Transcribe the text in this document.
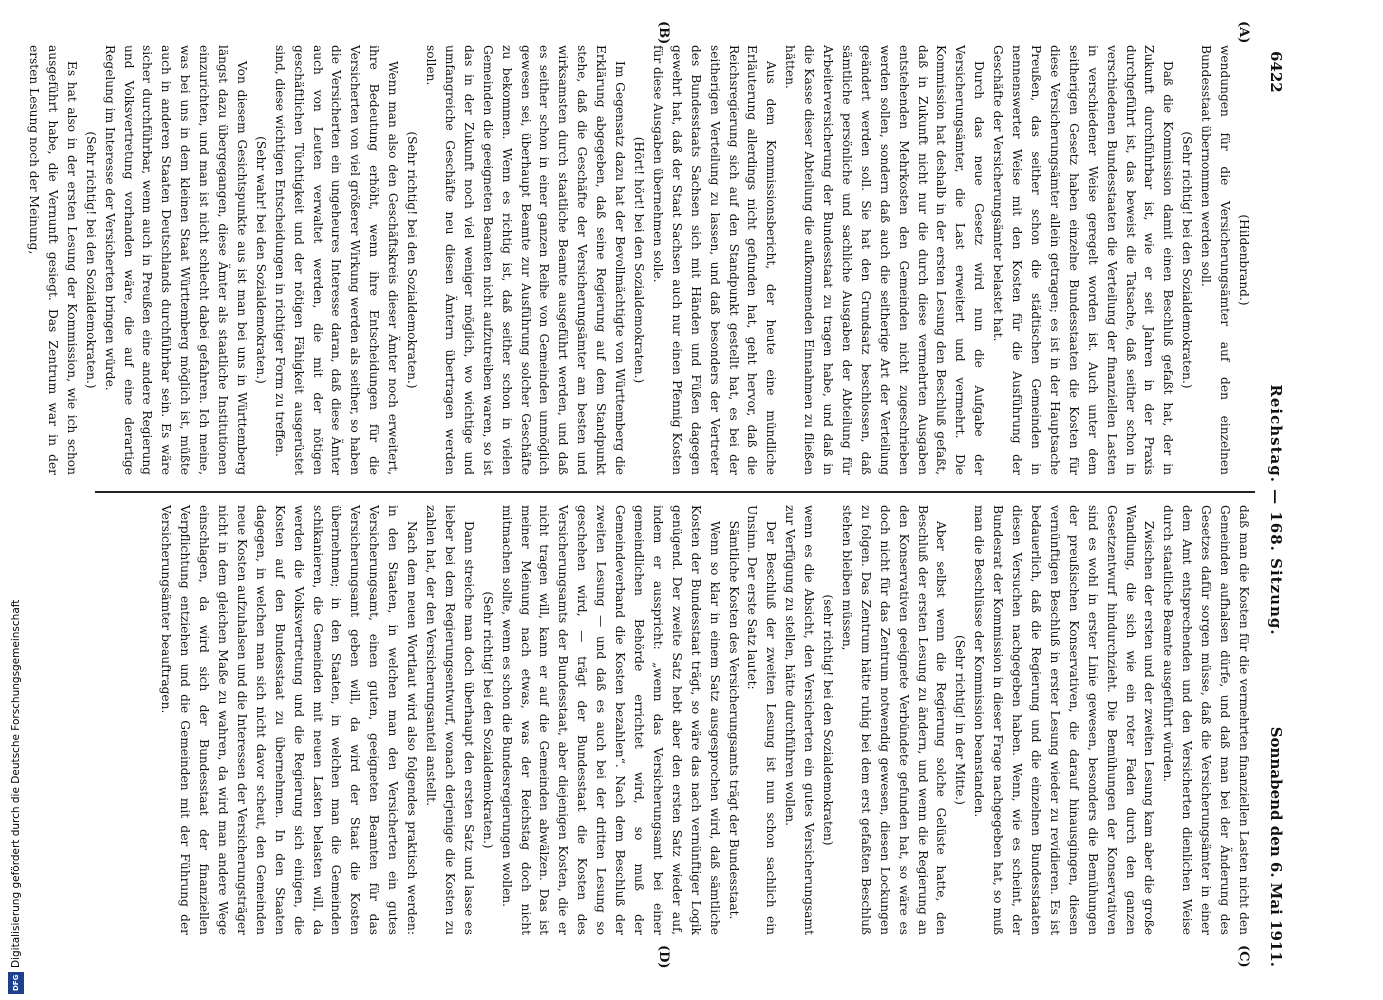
6422
Reichstag. — 168. Sitzung.
Sonnabend den 6. Mai 1911.
(A)
(B)
(C)
(D)

(Hildenbrand.)

wendungen für die Versicherungsämter auf den einzelnen Bundesstaat übernommen werden soll.

(Sehr richtig! bei den Sozialdemokraten.)

Daß die Kommission damit einen Beschluß gefaßt hat, der in Zukunft durchführbar ist, wie er seit Jahren in der Praxis durchgeführt ist, das beweist die Tatsache, daß seither schon in verschiedenen Bundesstaaten die Verteilung der finanziellen Lasten in verschiedener Weise geregelt worden ist. Auch unter dem seitherigen Gesetz haben einzelne Bundesstaaten die Kosten für diese Versicherungsämter allein getragen; es ist in der Hauptsache Preußen, das seither schon die städtischen Gemeinden in nennenswerter Weise mit den Kosten für die Ausführung der Geschäfte der Versicherungsämter belastet hat.

Durch das neue Gesetz wird nun die Aufgabe der Versicherungsämter, die Last erweitert und vermehrt. Die Kommission hat deshalb in der ersten Lesung den Beschluß gefaßt, daß in Zukunft nicht nur die durch diese vermehrten Ausgaben entstehenden Mehrkosten den Gemeinden nicht zugeschrieben werden sollen, sondern daß auch die seitherige Art der Verteilung geändert werden soll. Sie hat den Grundsatz beschlossen, daß sämtliche persönliche und sachliche Ausgaben der Abteilung für Arbeiterversicherung der Bundesstaat zu tragen habe, und daß in die Kasse dieser Abteilung die aufkommenden Einnahmen zu fließen hätten.

Aus dem Kommissionsbericht, der heute eine mündliche Erläuterung allerdings nicht gefunden hat, geht hervor, daß die Reichsregierung sich auf den Standpunkt gestellt hat, es bei der seitherigen Verteilung zu lassen, und daß besonders der Vertreter des Bundesstaats Sachsen sich mit Händen und Füßen dagegen gewehrt hat, daß der Staat Sachsen auch nur einen Pfennig Kosten für diese Ausgaben übernehmen solle.

(Hört! hört! bei den Sozialdemokraten.)

Im Gegensatz dazu hat der Bevollmächtigte von Württemberg die Erklärung abgegeben, daß seine Regierung auf dem Standpunkt stehe, daß die Geschäfte der Versicherungsämter am besten und wirksamsten durch staatliche Beamte ausgeführt werden, und daß es seither schon in einer ganzen Reihe von Gemeinden unmöglich gewesen sei, überhaupt Beamte zur Ausführung solcher Geschäfte zu bekommen. Wenn es richtig ist, daß seither schon in vielen Gemeinden die geeigneten Beamten nicht aufzutreiben waren, so ist das in der Zukunft noch viel weniger möglich, wo wichtige und umfangreiche Geschäfte neu diesen Ämtern übertragen werden sollen.

(Sehr richtig! bei den Sozialdemokraten.)

Wenn man also den Geschäftskreis dieser Ämter noch erweitert, ihre Bedeutung erhöht, wenn ihre Entscheidungen für die Versicherten von viel größerer Wirkung werden als seither, so haben die Versicherten ein ungeheures Interesse daran, daß diese Ämter auch von Leuten verwaltet werden, die mit der nötigen geschäftlichen Tüchtigkeit und der nötigen Fähigkeit ausgerüstet sind, diese wichtigen Entscheidungen in richtiger Form zu treffen.

(Sehr wahr! bei den Sozialdemokraten.)

Von diesem Gesichtspunkte aus ist man bei uns in Württemberg längst dazu übergegangen, diese Ämter als staatliche Institutionen einzurichten, und man ist nicht schlecht dabei gefahren. Ich meine, was bei uns in dem kleinen Staat Württemberg möglich ist, müßte auch in anderen Staaten Deutschlands durchführbar sein. Es wäre sicher durchführbar, wenn auch in Preußen eine andere Regierung und Volksvertretung vorhanden wäre, die auf eine derartige Regelung im Interesse der Versicherten bringen würde.

(Sehr richtig! bei den Sozialdemokraten.)

Es hat also in der ersten Lesung der Kommission, wie ich schon ausgeführt habe, die Vernunft gesiegt. Das Zentrum war in der ersten Lesung noch der Meinung,

daß man die Kosten für die vermehrten finanziellen Lasten nicht den Gemeinden aufhalsen dürfe, und daß man bei der Änderung des Gesetzes dafür sorgen müsse, daß die Versicherungsämter in einer dem Amt entsprechenden und den Versicherten dienlichen Weise durch staatliche Beamte ausgeführt würden.

Zwischen der ersten und der zweiten Lesung kam aber die große Wandlung, die sich wie ein roter Faden durch den ganzen Gesetzentwurf hindurchzieht. Die Bemühungen der Konservativen sind es wohl in erster Linie gewesen, besonders die Bemühungen der preußischen Konservativen, die darauf hinausgingen, diesen vernünftigen Beschluß in erster Lesung wieder zu revidieren. Es ist bedauerlich, daß die Regierung und die einzelnen Bundesstaaten diesen Versuchen nachgegeben haben. Wenn, wie es scheint, der Bundesrat der Kommission in dieser Frage nachgegeben hat, so muß man die Beschlüsse der Kommission beanstanden.

(Sehr richtig! in der Mitte.)

Aber selbst wenn die Regierung solche Gelüste hatte, den Beschluß der ersten Lesung zu ändern, und wenn die Regierung an den Konservativen geeignete Verbündete gefunden hat, so wäre es doch nicht für das Zentrum notwendig gewesen, diesen Lockungen zu folgen. Das Zentrum hätte ruhig bei dem erst gefaßten Beschluß stehen bleiben müssen,

(sehr richtig! bei den Sozialdemokraten)

wenn es die Absicht, den Versicherten ein gutes Versicherungsamt zur Verfügung zu stellen, hätte durchführen wollen.

Der Beschluß der zweiten Lesung ist nun schon sachlich ein Unsinn. Der erste Satz lautet:

Sämtliche Kosten des Versicherungsamts trägt der Bundesstaat.

Wenn so klar in einem Satz ausgesprochen wird, daß sämtliche Kosten der Bundesstaat trägt, so wäre das nach vernünftiger Logik genügend. Der zweite Satz hebt aber den ersten Satz wieder auf, indem er ausspricht: „wenn das Versicherungsamt bei einer gemeindlichen Behörde errichtet wird, so muß der Gemeindeverband die Kosten bezahlen“. Nach dem Beschluß der zweiten Lesung — und daß es auch bei der dritten Lesung so geschehen wird, — trägt der Bundesstaat die Kosten des Versicherungsamts der Bundesstaat, aber diejenigen Kosten, die er nicht tragen will, kann er auf die Gemeinden abwälzen. Das ist meiner Meinung nach etwas, was der Reichstag doch nicht mitmachen sollte, wenn es schon die Bundesregierungen wollen.

(Sehr richtig! bei den Sozialdemokraten.)

Dann streiche man doch überhaupt den ersten Satz und lasse es lieber bei dem Regierungsentwurf, wonach derjenige die Kosten zu zahlen hat, der den Versicherungsanteil anstellt.

Nach dem neuen Wortlaut wird also folgendes praktisch werden: in den Staaten, in welchen man den Versicherten ein gutes Versicherungsamt, einen guten, geeigneten Beamten für das Versicherungsamt geben will, da wird der Staat die Kosten übernehmen; in den Staaten, in welchen man die Gemeinden schikanieren, die Gemeinden mit neuen Lasten belasten will, da werden die Volksvertretung und die Regierung sich einigen, die Kosten auf den Bundesstaat zu übernehmen. In den Staaten dagegen, in welchen man sich nicht davor scheut, den Gemeinden neue Kosten aufzuhalsen und die Interessen der Versicherungsträger nicht in dem gleichen Maße zu wahren, da wird man andere Wege einschlagen, da wird sich der Bundesstaat der finanziellen Verpflichtung entziehen und die Gemeinden mit der Führung der Versicherungsämter beauftragen.

Digitalisierung gefördert durch die Deutsche Forschungsgemeinschaft
DFG
